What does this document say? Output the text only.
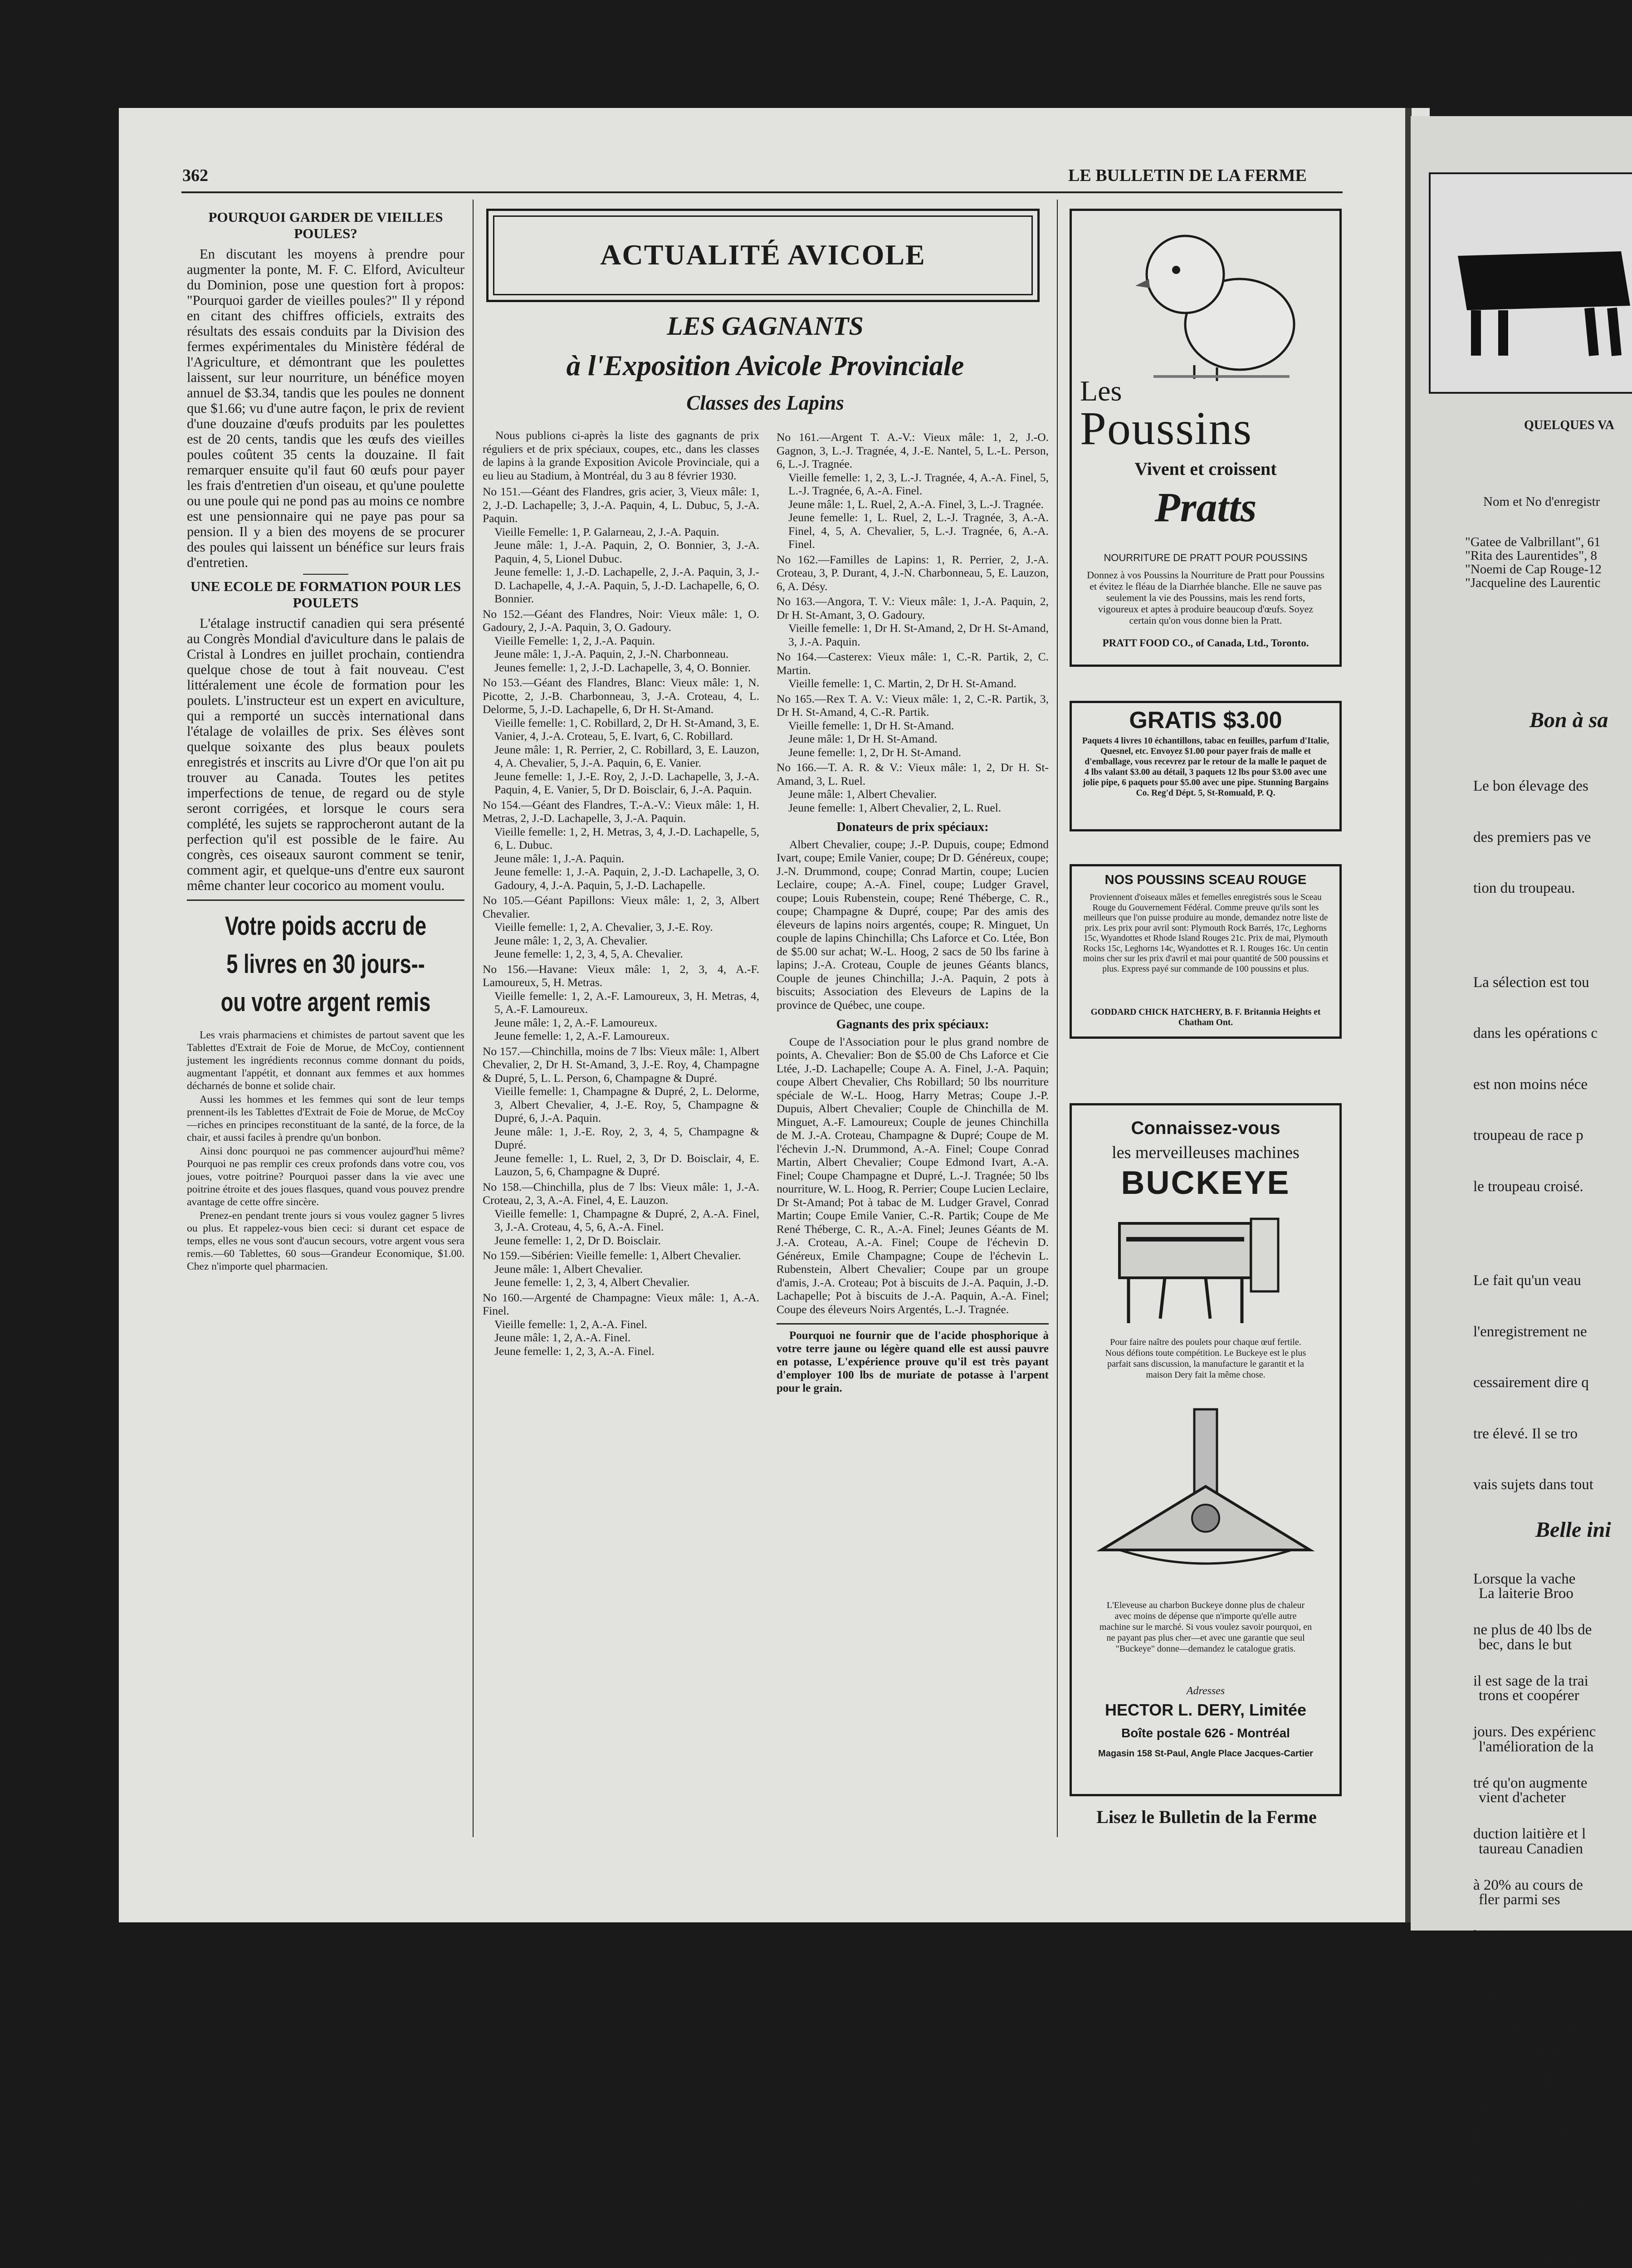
362	LE BULLETIN DE LA FERME
POURQUOI GARDER DE VIEILLES POULES?

En discutant les moyens à prendre pour augmenter la ponte, M. F. C. Elford, Aviculteur du Dominion, pose une question fort à propos: "Pourquoi garder de vieilles poules?" Il y répond en citant des chiffres officiels, extraits des résultats des essais conduits par la Division des fermes expérimentales du Ministère fédéral de l'Agriculture, et démontrant que les poulettes laissent, sur leur nourriture, un bénéfice moyen annuel de $3.34, tandis que les poules ne donnent que $1.66; vu d'une autre façon, le prix de revient d'une douzaine d'œufs produits par les poulettes est de 20 cents, tandis que les œufs des vieilles poules coûtent 35 cents la douzaine. Il fait remarquer ensuite qu'il faut 60 œufs pour payer les frais d'entretien d'un oiseau, et qu'une poulette ou une poule qui ne pond pas au moins ce nombre est une pensionnaire qui ne paye pas pour sa pension. Il y a bien des moyens de se procurer des poules qui laissent un bénéfice sur leurs frais d'entretien.

UNE ECOLE DE FORMATION POUR LES POULETS

L'étalage instructif canadien qui sera présenté au Congrès Mondial d'aviculture dans le palais de Cristal à Londres en juillet prochain, contiendra quelque chose de tout à fait nouveau. C'est littéralement une école de formation pour les poulets. L'instructeur est un expert en aviculture, qui a remporté un succès international dans l'étalage de volailles de prix. Ses élèves sont quelque soixante des plus beaux poulets enregistrés et inscrits au Livre d'Or que l'on ait pu trouver au Canada. Toutes les petites imperfections de tenue, de regard ou de style seront corrigées, et lorsque le cours sera complété, les sujets se rapprocheront autant de la perfection qu'il est possible de le faire. Au congrès, ces oiseaux sauront comment se tenir, comment agir, et quelque-uns d'entre eux sauront même chanter leur cocorico au moment voulu.

Votre poids accru de
5 livres en 30 jours--
ou votre argent remis

Les vrais pharmaciens et chimistes de partout savent que les Tablettes d'Extrait de Foie de Morue, de McCoy, contiennent justement les ingrédients reconnus comme donnant du poids, augmentant l'appétit, et donnant aux femmes et aux hommes décharnés de bonne et solide chair.

Aussi les hommes et les femmes qui sont de leur temps prennent-ils les Tablettes d'Extrait de Foie de Morue, de McCoy—riches en principes reconstituant de la santé, de la force, de la chair, et aussi faciles à prendre qu'un bonbon.

Ainsi donc pourquoi ne pas commencer aujourd'hui même? Pourquoi ne pas remplir ces creux profonds dans votre cou, vos joues, votre poitrine? Pourquoi passer dans la vie avec une poitrine étroite et des joues flasques, quand vous pouvez prendre avantage de cette offre sincère.

Prenez-en pendant trente jours si vous voulez gagner 5 livres ou plus. Et rappelez-vous bien ceci: si durant cet espace de temps, elles ne vous sont d'aucun secours, votre argent vous sera remis.—60 Tablettes, 60 sous—Grandeur Economique, $1.00. Chez n'importe quel pharmacien.

ACTUALITÉ AVICOLE
LES GAGNANTS
à l'Exposition Avicole Provinciale
Classes des Lapins

Nous publions ci-après la liste des gagnants de prix réguliers et de prix spéciaux, coupes, etc., dans les classes de lapins à la grande Exposition Avicole Provinciale, qui a eu lieu au Stadium, à Montréal, du 3 au 8 février 1930.

No 151.—Géant des Flandres, gris acier, 3, Vieux mâle: 1, 2, J.-D. Lachapelle; 3, J.-A. Paquin, 4, L. Dubuc, 5, J.-A. Paquin.
Vieille Femelle: 1, P. Galarneau, 2, J.-A. Paquin.
Jeune mâle: 1, J.-A. Paquin, 2, O. Bonnier, 3, J.-A. Paquin, 4, 5, Lionel Dubuc.
Jeune femelle: 1, J.-D. Lachapelle, 2, J.-A. Paquin, 3, J.-D. Lachapelle, 4, J.-A. Paquin, 5, J.-D. Lachapelle, 6, O. Bonnier.
No 152.—Géant des Flandres, Noir: Vieux mâle: 1, O. Gadoury, 2, J.-A. Paquin, 3, O. Gadoury.
Vieille Femelle: 1, 2, J.-A. Paquin.
Jeune mâle: 1, J.-A. Paquin, 2, J.-N. Charbonneau.
Jeunes femelle: 1, 2, J.-D. Lachapelle, 3, 4, O. Bonnier.
No 153.—Géant des Flandres, Blanc: Vieux mâle: 1, N. Picotte, 2, J.-B. Charbonneau, 3, J.-A. Croteau, 4, L. Delorme, 5, J.-D. Lachapelle, 6, Dr H. St-Amand.
Vieille femelle: 1, C. Robillard, 2, Dr H. St-Amand, 3, E. Vanier, 4, J.-A. Croteau, 5, E. Ivart, 6, C. Robillard.
Jeune mâle: 1, R. Perrier, 2, C. Robillard, 3, E. Lauzon, 4, A. Chevalier, 5, J.-A. Paquin, 6, E. Vanier.
Jeune femelle: 1, J.-E. Roy, 2, J.-D. Lachapelle, 3, J.-A. Paquin, 4, E. Vanier, 5, Dr D. Boisclair, 6, J.-A. Paquin.
No 154.—Géant des Flandres, T.-A.-V.: Vieux mâle: 1, H. Metras, 2, J.-D. Lachapelle, 3, J.-A. Paquin.
Vieille femelle: 1, 2, H. Metras, 3, 4, J.-D. Lachapelle, 5, 6, L. Dubuc.
Jeune mâle: 1, J.-A. Paquin.
Jeune femelle: 1, J.-A. Paquin, 2, J.-D. Lachapelle, 3, O. Gadoury, 4, J.-A. Paquin, 5, J.-D. Lachapelle.
No 105.—Géant Papillons: Vieux mâle: 1, 2, 3, Albert Chevalier.
Vieille femelle: 1, 2, A. Chevalier, 3, J.-E. Roy.
Jeune mâle: 1, 2, 3, A. Chevalier.
Jeune femelle: 1, 2, 3, 4, 5, A. Chevalier.
No 156.—Havane: Vieux mâle: 1, 2, 3, 4, A.-F. Lamoureux, 5, H. Metras.
Vieille femelle: 1, 2, A.-F. Lamoureux, 3, H. Metras, 4, 5, A.-F. Lamoureux.
Jeune mâle: 1, 2, A.-F. Lamoureux.
Jeune femelle: 1, 2, A.-F. Lamoureux.
No 157.—Chinchilla, moins de 7 lbs: Vieux mâle: 1, Albert Chevalier, 2, Dr H. St-Amand, 3, J.-E. Roy, 4, Champagne & Dupré, 5, L. L. Person, 6, Champagne & Dupré.
Vieille femelle: 1, Champagne & Dupré, 2, L. Delorme, 3, Albert Chevalier, 4, J.-E. Roy, 5, Champagne & Dupré, 6, J.-A. Paquin.
Jeune mâle: 1, J.-E. Roy, 2, 3, 4, 5, Champagne & Dupré.
Jeune femelle: 1, L. Ruel, 2, 3, Dr D. Boisclair, 4, E. Lauzon, 5, 6, Champagne & Dupré.
No 158.—Chinchilla, plus de 7 lbs: Vieux mâle: 1, J.-A. Croteau, 2, 3, A.-A. Finel, 4, E. Lauzon.
Vieille femelle: 1, Champagne & Dupré, 2, A.-A. Finel, 3, J.-A. Croteau, 4, 5, 6, A.-A. Finel.
Jeune femelle: 1, 2, Dr D. Boisclair.
No 159.—Sibérien: Vieille femelle: 1, Albert Chevalier.
Jeune mâle: 1, Albert Chevalier.
Jeune femelle: 1, 2, 3, 4, Albert Chevalier.
No 160.—Argenté de Champagne: Vieux mâle: 1, A.-A. Finel.
Vieille femelle: 1, 2, A.-A. Finel.
Jeune mâle: 1, 2, A.-A. Finel.
Jeune femelle: 1, 2, 3, A.-A. Finel.
No 161.—Argent T. A.-V.: Vieux mâle: 1, 2, J.-O. Gagnon, 3, L.-J. Tragnée, 4, J.-E. Nantel, 5, L.-L. Person, 6, L.-J. Tragnée.
Vieille femelle: 1, 2, 3, L.-J. Tragnée, 4, A.-A. Finel, 5, L.-J. Tragnée, 6, A.-A. Finel.
Jeune mâle: 1, L. Ruel, 2, A.-A. Finel, 3, L.-J. Tragnée.
Jeune femelle: 1, L. Ruel, 2, L.-J. Tragnée, 3, A.-A. Finel, 4, 5, A. Chevalier, 5, L.-J. Tragnée, 6, A.-A. Finel.
No 162.—Familles de Lapins: 1, R. Perrier, 2, J.-A. Croteau, 3, P. Durant, 4, J.-N. Charbonneau, 5, E. Lauzon, 6, A. Désy.
No 163.—Angora, T. V.: Vieux mâle: 1, J.-A. Paquin, 2, Dr H. St-Amant, 3, O. Gadoury.
Vieille femelle: 1, Dr H. St-Amand, 2, Dr H. St-Amand, 3, J.-A. Paquin.
No 164.—Casterex: Vieux mâle: 1, C.-R. Partik, 2, C. Martin.
Vieille femelle: 1, C. Martin, 2, Dr H. St-Amand.
No 165.—Rex T. A. V.: Vieux mâle: 1, 2, C.-R. Partik, 3, Dr H. St-Amand, 4, C.-R. Partik.
Vieille femelle: 1, Dr H. St-Amand.
Jeune mâle: 1, Dr H. St-Amand.
Jeune femelle: 1, 2, Dr H. St-Amand.
No 166.—T. A. R. & V.: Vieux mâle: 1, 2, Dr H. St-Amand, 3, L. Ruel.
Jeune mâle: 1, Albert Chevalier.
Jeune femelle: 1, Albert Chevalier, 2, L. Ruel.
Donateurs de prix spéciaux:

Albert Chevalier, coupe; J.-P. Dupuis, coupe; Edmond Ivart, coupe; Emile Vanier, coupe; Dr D. Généreux, coupe; J.-N. Drummond, coupe; Conrad Martin, coupe; Lucien Leclaire, coupe; A.-A. Finel, coupe; Ludger Gravel, coupe; Louis Rubenstein, coupe; René Théberge, C. R., coupe; Champagne & Dupré, coupe; Par des amis des éleveurs de lapins noirs argentés, coupe; R. Minguet, Un couple de lapins Chinchilla; Chs Laforce et Co. Ltée, Bon de $5.00 sur achat; W.-L. Hoog, 2 sacs de 50 lbs farine à lapins; J.-A. Croteau, Couple de jeunes Géants blancs, Couple de jeunes Chinchilla; J.-A. Paquin, 2 pots à biscuits; Association des Eleveurs de Lapins de la province de Québec, une coupe.

Gagnants des prix spéciaux:

Coupe de l'Association pour le plus grand nombre de points, A. Chevalier: Bon de $5.00 de Chs Laforce et Cie Ltée, J.-D. Lachapelle; Coupe A. A. Finel, J.-A. Paquin; coupe Albert Chevalier, Chs Robillard; 50 lbs nourriture spéciale de W.-L. Hoog, Harry Metras; Coupe J.-P. Dupuis, Albert Chevalier; Couple de Chinchilla de M. Minguet, A.-F. Lamoureux; Couple de jeunes Chinchilla de M. J.-A. Croteau, Champagne & Dupré; Coupe de M. l'échevin J.-N. Drummond, A.-A. Finel; Coupe Conrad Martin, Albert Chevalier; Coupe Edmond Ivart, A.-A. Finel; Coupe Champagne et Dupré, L.-J. Tragnée; 50 lbs nourriture, W. L. Hoog, R. Perrier; Coupe Lucien Leclaire, Dr St-Amand; Pot à tabac de M. Ludger Gravel, Conrad Martin; Coupe Emile Vanier, C.-R. Partik; Coupe de Me René Théberge, C. R., A.-A. Finel; Jeunes Géants de M. J.-A. Croteau, A.-A. Finel; Coupe de l'échevin D. Généreux, Emile Champagne; Coupe de l'échevin L. Rubenstein, Albert Chevalier; Coupe par un groupe d'amis, J.-A. Croteau; Pot à biscuits de J.-A. Paquin, J.-D. Lachapelle; Pot à biscuits de J.-A. Paquin, A.-A. Finel; Coupe des éleveurs Noirs Argentés, L.-J. Tragnée.

Pourquoi ne fournir que de l'acide phosphorique à votre terre jaune ou légère quand elle est aussi pauvre en potasse, L'expérience prouve qu'il est très payant d'employer 100 lbs de muriate de potasse à l'arpent pour le grain.

Les
Poussins
Vivent et croissent
Pratts
NOURRITURE DE PRATT POUR POUSSINS
Donnez à vos Poussins la Nourriture de Pratt pour Poussins et évitez le fléau de la Diarrhée blanche. Elle ne sauve pas seulement la vie des Poussins, mais les rend forts, vigoureux et aptes à produire beaucoup d'œufs. Soyez certain qu'on vous donne bien la Pratt.
PRATT FOOD CO., of Canada, Ltd., Toronto.
GRATIS $3.00
Paquets 4 livres 10 échantillons, tabac en feuilles, parfum d'Italie, Quesnel, etc. Envoyez $1.00 pour payer frais de malle et d'emballage, vous recevrez par le retour de la malle le paquet de 4 lbs valant $3.00 au détail, 3 paquets 12 lbs pour $3.00 avec une jolie pipe, 6 paquets pour $5.00 avec une pipe. Stunning Bargains Co. Reg'd Dépt. 5, St-Romuald, P. Q.
NOS POUSSINS SCEAU ROUGE
Proviennent d'oiseaux mâles et femelles enregistrés sous le Sceau Rouge du Gouvernement Fédéral. Comme preuve qu'ils sont les meilleurs que l'on puisse produire au monde, demandez notre liste de prix. Les prix pour avril sont: Plymouth Rock Barrés, 17c, Leghorns 15c, Wyandottes et Rhode Island Rouges 21c. Prix de mai, Plymouth Rocks 15c, Leghorns 14c, Wyandottes et R. I. Rouges 16c. Un centin moins cher sur les prix d'avril et mai pour quantité de 500 poussins et plus. Express payé sur commande de 100 poussins et plus.
GODDARD CHICK HATCHERY, B. F. Britannia Heights et Chatham Ont.
Connaissez-vous
les merveilleuses machines
BUCKEYE
Pour faire naître des poulets pour chaque œuf fertile. Nous défions toute compétition. Le Buckeye est le plus parfait sans discussion, la manufacture le garantit et la maison Dery fait la même chose.
L'Eleveuse au charbon Buckeye donne plus de chaleur avec moins de dépense que n'importe qu'elle autre machine sur le marché. Si vous voulez savoir pourquoi, en ne payant pas plus cher—et avec une garantie que seul "Buckeye" donne—demandez le catalogue gratis.
Adresses
HECTOR L. DERY, Limitée
Boîte postale 626 - Montréal
Magasin 158 St-Paul, Angle Place Jacques-Cartier
Lisez le Bulletin de la Ferme
QUELQUES VA
Nom et No d'enregistr
"Gatee de Valbrillant", 61
"Rita des Laurentides", 8
"Noemi de Cap Rouge-12
"Jacqueline des Laurentic
Bon à sa

Le bon élevage des

des premiers pas ve

tion du troupeau.

La sélection est tou

dans les opérations c

est non moins néce

troupeau de race p

le troupeau croisé.

Le fait qu'un veau

l'enregistrement ne

cessairement dire q

tre élevé. Il se tro

vais sujets dans tout

Lorsque la vache

ne plus de 40 lbs de

il est sage de la trai

jours. Des expérienc

tré qu'on augmente

duction laitière et l

à 20% au cours de

lactation.

Si ce n'est déjà fa

de faire le choix de

pour la prochaine sa

du taureau est cer

des plus grands pr

Belle ini

La laiterie Broo

bec, dans le but

trons et coopérer

l'amélioration de la

vient d'acheter

taureau Canadien

fler parmi ses

cours de l'été. No

la laiterie Brooks

belle initiative qu

haut degré la coop

santé qui devrait r

chez nous entre la

le commerce et l'in
